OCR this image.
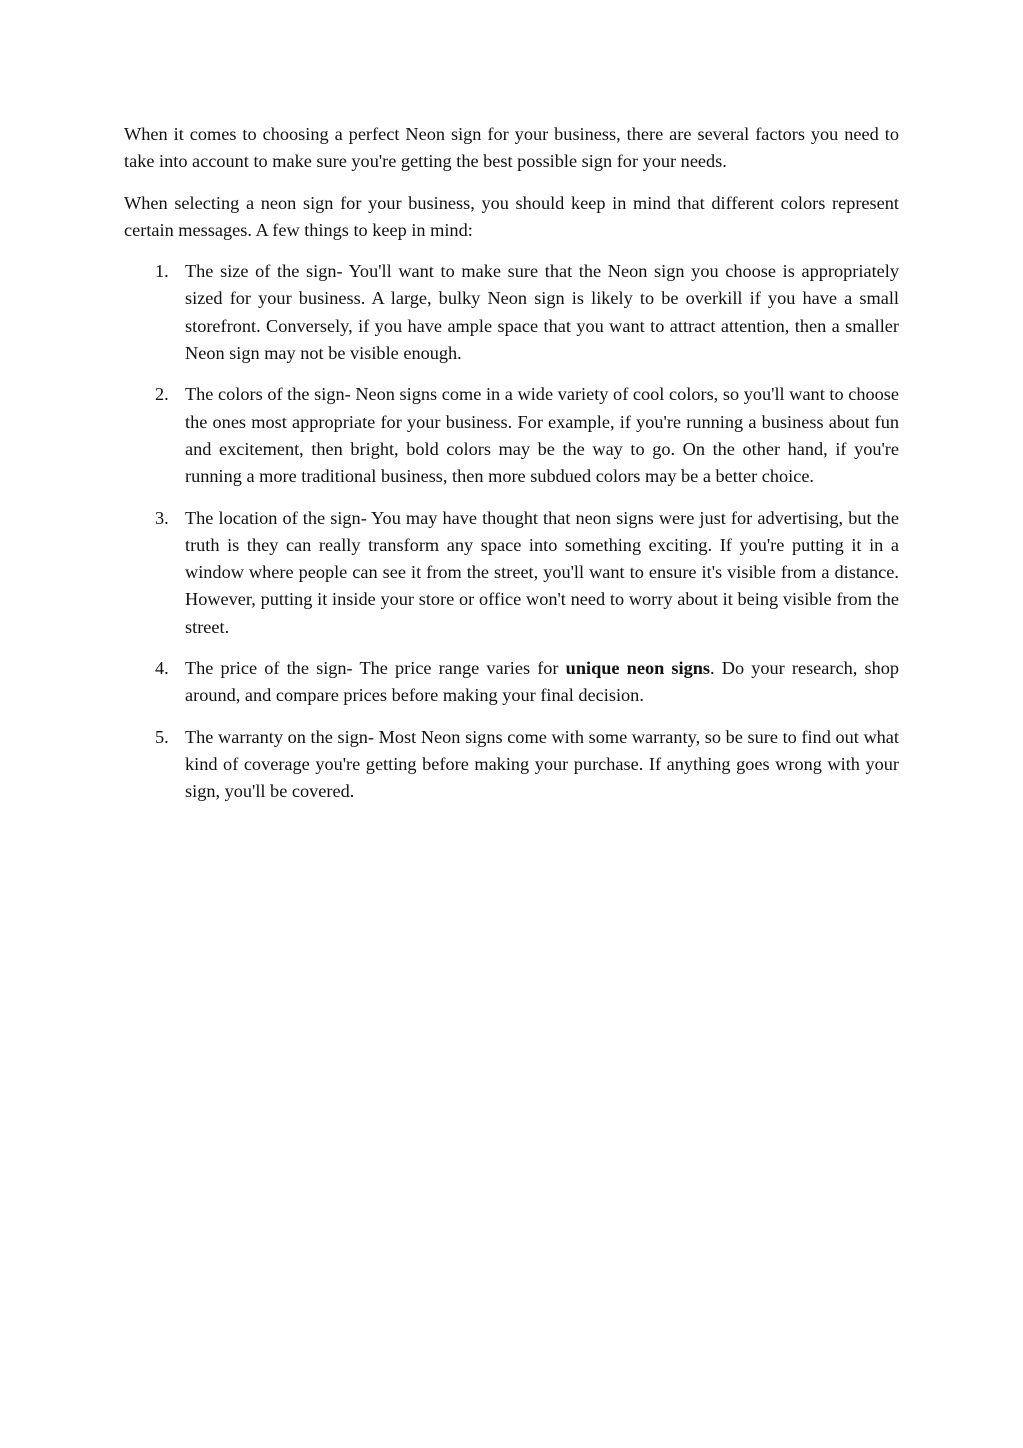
When it comes to choosing a perfect Neon sign for your business, there are several factors you need to take into account to make sure you're getting the best possible sign for your needs.

When selecting a neon sign for your business, you should keep in mind that different colors represent certain messages. A few things to keep in mind:

1. The size of the sign- You'll want to make sure that the Neon sign you choose is appropriately sized for your business. A large, bulky Neon sign is likely to be overkill if you have a small storefront. Conversely, if you have ample space that you want to attract attention, then a smaller Neon sign may not be visible enough.
2. The colors of the sign- Neon signs come in a wide variety of cool colors, so you'll want to choose the ones most appropriate for your business. For example, if you're running a business about fun and excitement, then bright, bold colors may be the way to go. On the other hand, if you're running a more traditional business, then more subdued colors may be a better choice.
3. The location of the sign- You may have thought that neon signs were just for advertising, but the truth is they can really transform any space into something exciting. If you're putting it in a window where people can see it from the street, you'll want to ensure it's visible from a distance. However, putting it inside your store or office won't need to worry about it being visible from the street.
4. The price of the sign- The price range varies for unique neon signs. Do your research, shop around, and compare prices before making your final decision.
5. The warranty on the sign- Most Neon signs come with some warranty, so be sure to find out what kind of coverage you're getting before making your purchase. If anything goes wrong with your sign, you'll be covered.
